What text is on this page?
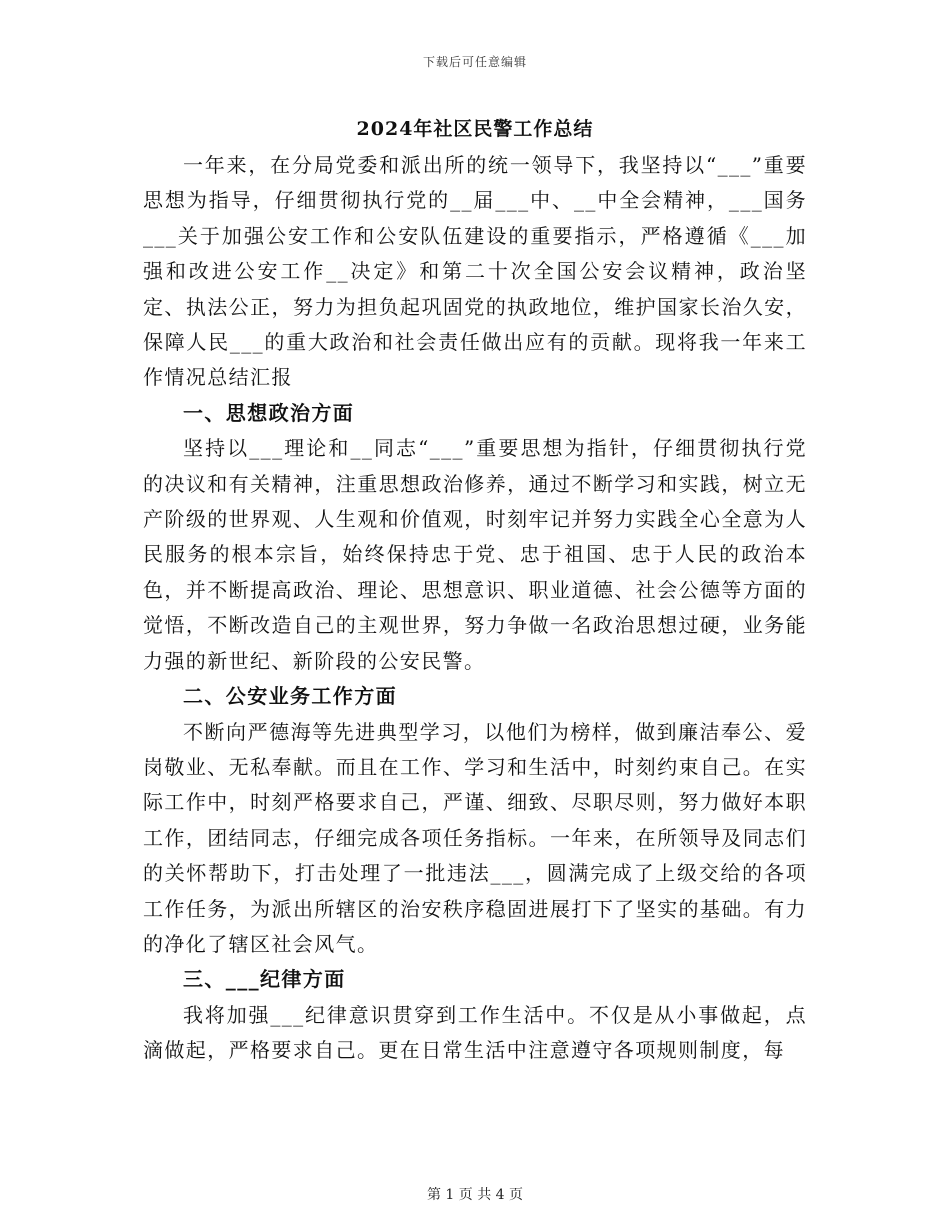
下载后可任意编辑
2024年社区民警工作总结

一年来，在分局党委和派出所的统一领导下，我坚持以“___”重要思想为指导，仔细贯彻执行党的__届___中、__中全会精神，___国务___关于加强公安工作和公安队伍建设的重要指示，严格遵循《___加强和改进公安工作__决定》和第二十次全国公安会议精神，政治坚定、执法公正，努力为担负起巩固党的执政地位，维护国家长治久安，保障人民___的重大政治和社会责任做出应有的贡献。现将我一年来工作情况总结汇报

一、思想政治方面

坚持以___理论和__同志“___”重要思想为指针，仔细贯彻执行党的决议和有关精神，注重思想政治修养，通过不断学习和实践，树立无产阶级的世界观、人生观和价值观，时刻牢记并努力实践全心全意为人民服务的根本宗旨，始终保持忠于党、忠于祖国、忠于人民的政治本色，并不断提高政治、理论、思想意识、职业道德、社会公德等方面的觉悟，不断改造自己的主观世界，努力争做一名政治思想过硬，业务能力强的新世纪、新阶段的公安民警。

二、公安业务工作方面

不断向严德海等先进典型学习，以他们为榜样，做到廉洁奉公、爱岗敬业、无私奉献。而且在工作、学习和生活中，时刻约束自己。在实际工作中，时刻严格要求自己，严谨、细致、尽职尽则，努力做好本职工作，团结同志，仔细完成各项任务指标。一年来，在所领导及同志们的关怀帮助下，打击处理了一批违法___，圆满完成了上级交给的各项工作任务，为派出所辖区的治安秩序稳固进展打下了坚实的基础。有力的净化了辖区社会风气。

三、___纪律方面

我将加强___纪律意识贯穿到工作生活中。不仅是从小事做起，点滴做起，严格要求自己。更在日常生活中注意遵守各项规则制度，每

第 1 页 共 4 页
